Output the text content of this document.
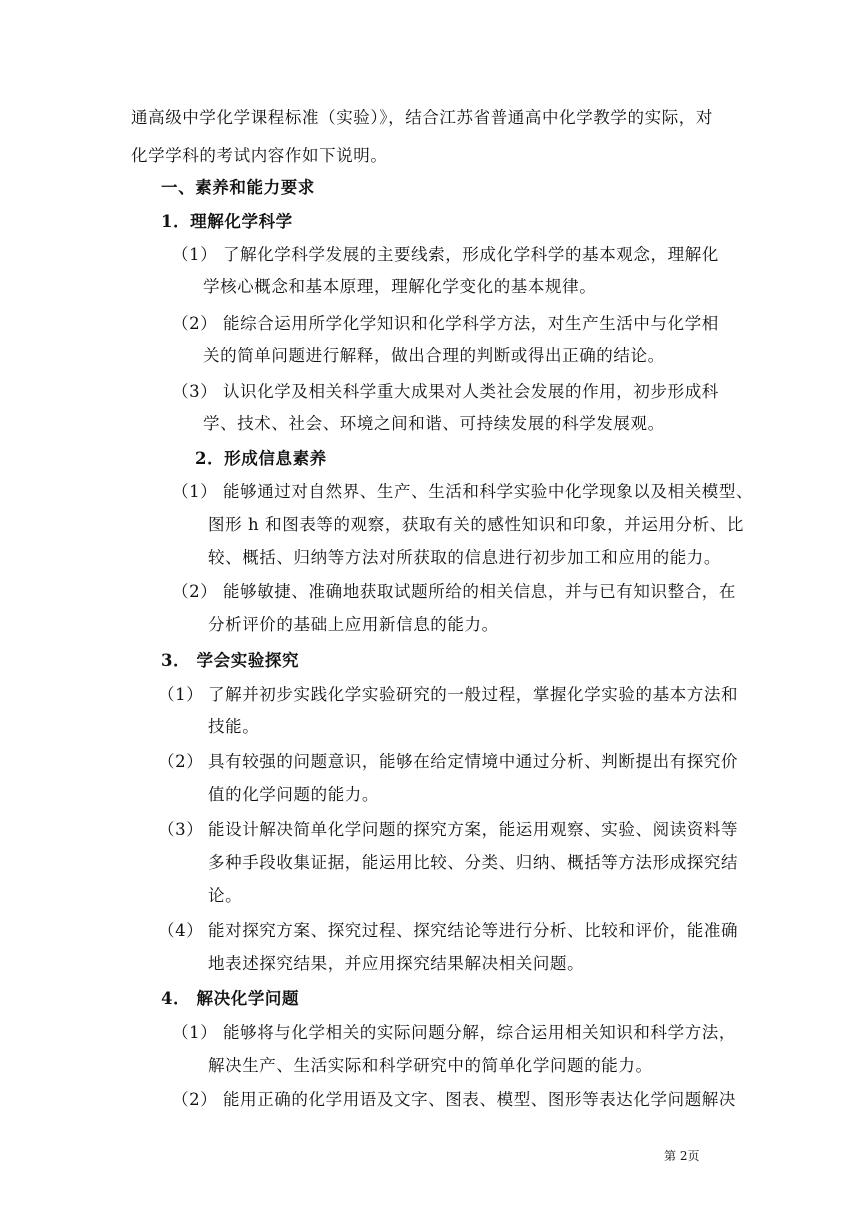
通高级中学化学课程标准（实验）》，结合江苏省普通高中化学教学的实际，对
化学学科的考试内容作如下说明。
一、素养和能力要求
1．理解化学科学
（1） 了解化学科学发展的主要线索，形成化学科学的基本观念，理解化
学核心概念和基本原理，理解化学变化的基本规律。
（2） 能综合运用所学化学知识和化学科学方法，对生产生活中与化学相
关的简单问题进行解释，做出合理的判断或得出正确的结论。
（3） 认识化学及相关科学重大成果对人类社会发展的作用，初步形成科
学、技术、社会、环境之间和谐、可持续发展的科学发展观。
2．形成信息素养
（1） 能够通过对自然界、生产、生活和科学实验中化学现象以及相关模型、
图形 h 和图表等的观察，获取有关的感性知识和印象，并运用分析、比
较、概括、归纳等方法对所获取的信息进行初步加工和应用的能力。
（2） 能够敏捷、准确地获取试题所给的相关信息，并与已有知识整合，在
分析评价的基础上应用新信息的能力。
3． 学会实验探究
（1） 了解并初步实践化学实验研究的一般过程，掌握化学实验的基本方法和
技能。
（2） 具有较强的问题意识，能够在给定情境中通过分析、判断提出有探究价
值的化学问题的能力。
（3） 能设计解决简单化学问题的探究方案，能运用观察、实验、阅读资料等
多种手段收集证据，能运用比较、分类、归纳、概括等方法形成探究结
论。
（4） 能对探究方案、探究过程、探究结论等进行分析、比较和评价，能准确
地表述探究结果，并应用探究结果解决相关问题。
4． 解决化学问题
（1） 能够将与化学相关的实际问题分解，综合运用相关知识和科学方法，
解决生产、生活实际和科学研究中的简单化学问题的能力。
（2） 能用正确的化学用语及文字、图表、模型、图形等表达化学问题解决
第 2页
